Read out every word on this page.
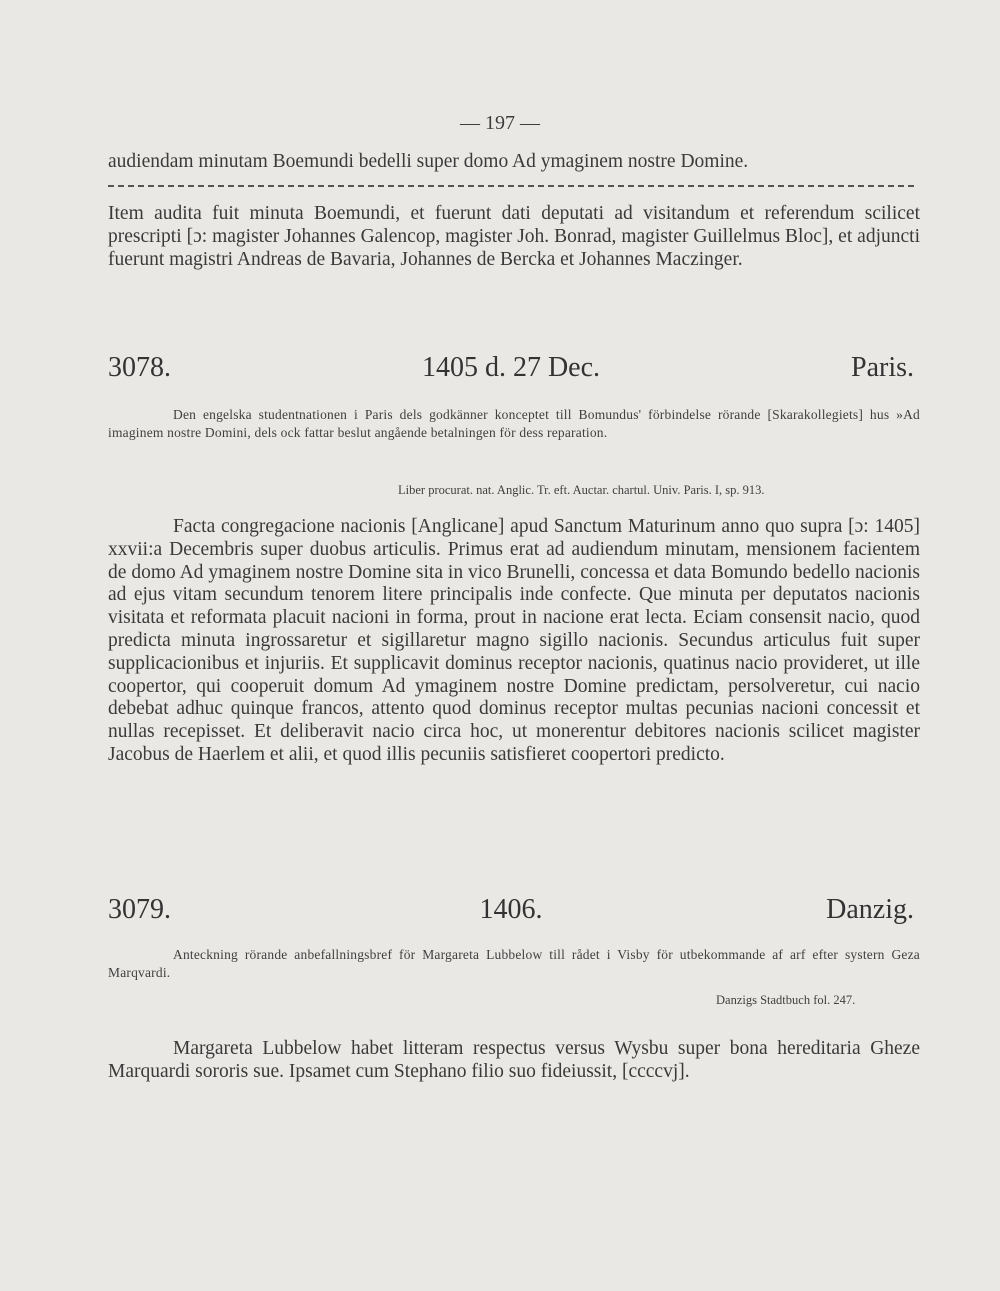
— 197 —

audiendam minutam Boemundi bedelli super domo Ad ymaginem nostre Domine.

Item audita fuit minuta Boemundi, et fuerunt dati deputati ad visitandum et referendum scilicet prescripti [ɔ: magister Johannes Galencop, magister Joh. Bonrad, magister Guillelmus Bloc], et adjuncti fuerunt magistri Andreas de Bavaria, Johannes de Bercka et Johannes Maczinger.

3078.	1405 d. 27 Dec.	Paris.

Den engelska studentnationen i Paris dels godkänner konceptet till Bomundus' förbindelse rörande [Skarakollegiets] hus »Ad imaginem nostre Domini, dels ock fattar beslut angående betalningen för dess reparation.

Liber procurat. nat. Anglic. Tr. eft. Auctar. chartul. Univ. Paris. I, sp. 913.

Facta congregacione nacionis [Anglicane] apud Sanctum Maturinum anno quo supra [ɔ: 1405] xxvii:a Decembris super duobus articulis. Primus erat ad audiendum minutam, mensionem facientem de domo Ad ymaginem nostre Domine sita in vico Brunelli, concessa et data Bomundo bedello nacionis ad ejus vitam secundum tenorem litere principalis inde confecte. Que minuta per deputatos nacionis visitata et reformata placuit nacioni in forma, prout in nacione erat lecta. Eciam consensit nacio, quod predicta minuta ingrossaretur et sigillaretur magno sigillo nacionis. Secundus articulus fuit super supplicacionibus et injuriis. Et supplicavit dominus receptor nacionis, quatinus nacio provideret, ut ille coopertor, qui cooperuit domum Ad ymaginem nostre Domine predictam, persolveretur, cui nacio debebat adhuc quinque francos, attento quod dominus receptor multas pecunias nacioni concessit et nullas recepisset. Et deliberavit nacio circa hoc, ut monerentur debitores nacionis scilicet magister Jacobus de Haerlem et alii, et quod illis pecuniis satisfieret coopertori predicto.

3079.	1406.	Danzig.

Anteckning rörande anbefallningsbref för Margareta Lubbelow till rådet i Visby för utbekommande af arf efter systern Geza Marqvardi.

Danzigs Stadtbuch fol. 247.

Margareta Lubbelow habet litteram respectus versus Wysbu super bona hereditaria Gheze Marquardi sororis sue. Ipsamet cum Stephano filio suo fideiussit, [ccccvj].
